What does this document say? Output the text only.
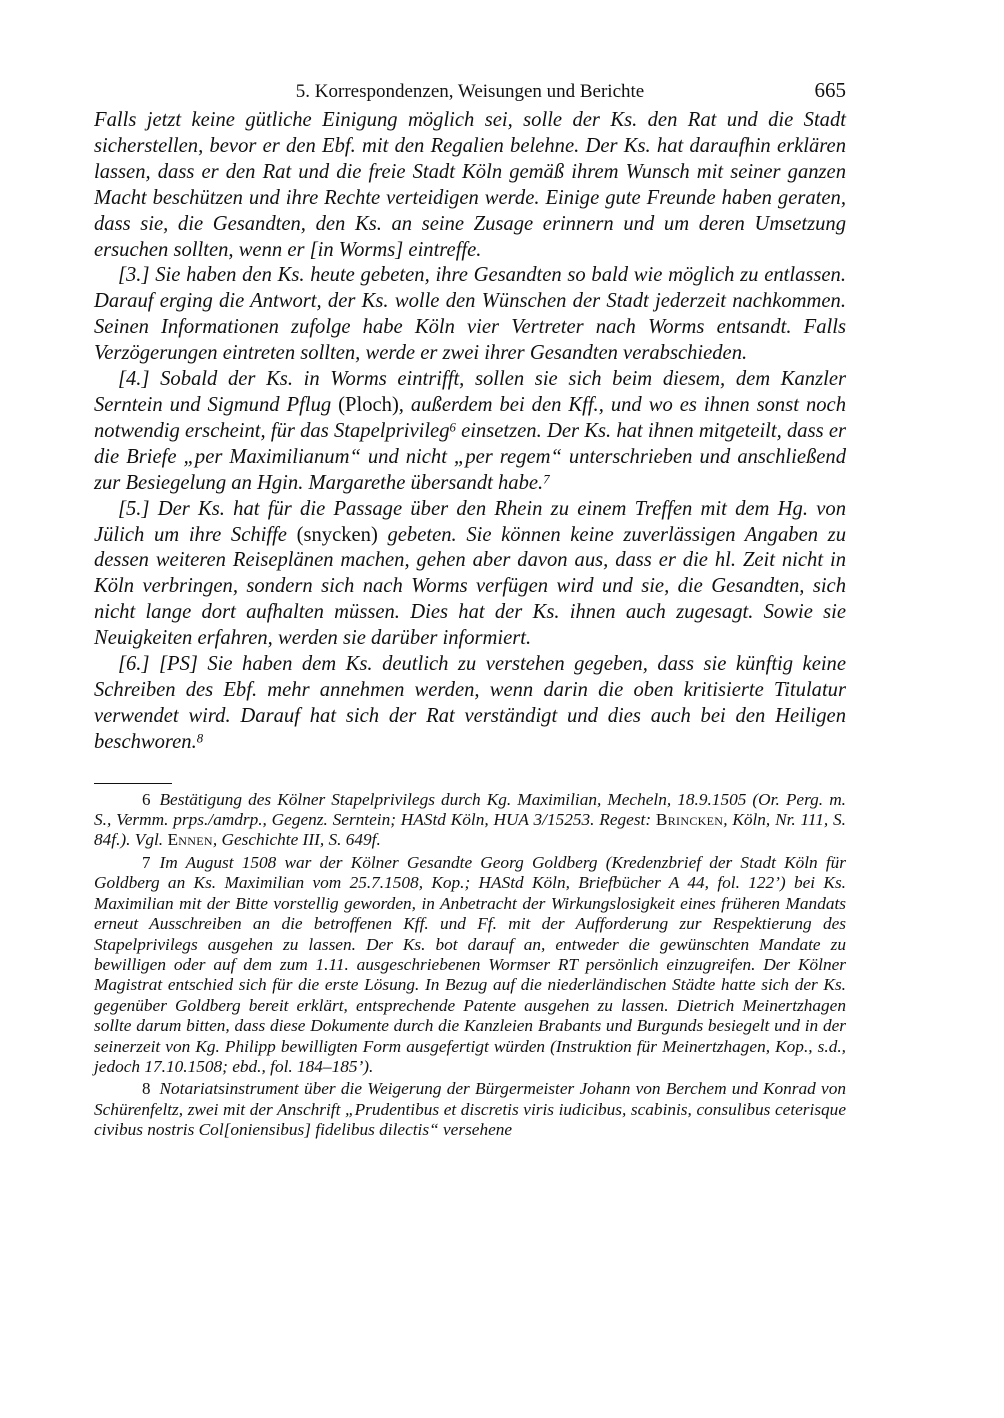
5. Korrespondenzen, Weisungen und Berichte	665

Falls jetzt keine gütliche Einigung möglich sei, solle der Ks. den Rat und die Stadt sicherstellen, bevor er den Ebf. mit den Regalien belehne. Der Ks. hat daraufhin erklären lassen, dass er den Rat und die freie Stadt Köln gemäß ihrem Wunsch mit seiner ganzen Macht beschützen und ihre Rechte verteidigen werde. Einige gute Freunde haben geraten, dass sie, die Gesandten, den Ks. an seine Zusage erinnern und um deren Umsetzung ersuchen sollten, wenn er [in Worms] eintreffe.

[3.] Sie haben den Ks. heute gebeten, ihre Gesandten so bald wie möglich zu entlassen. Darauf erging die Antwort, der Ks. wolle den Wünschen der Stadt jederzeit nachkommen. Seinen Informationen zufolge habe Köln vier Vertreter nach Worms entsandt. Falls Verzögerungen eintreten sollten, werde er zwei ihrer Gesandten verabschieden.

[4.] Sobald der Ks. in Worms eintrifft, sollen sie sich beim diesem, dem Kanzler Serntein und Sigmund Pflug (Ploch), außerdem bei den Kff., und wo es ihnen sonst noch notwendig erscheint, für das Stapelprivileg$^6$ einsetzen. Der Ks. hat ihnen mitgeteilt, dass er die Briefe „per Maximilianum“ und nicht „per regem“ unterschrieben und anschließend zur Besiegelung an Hgin. Margarethe übersandt habe.$^7$

[5.] Der Ks. hat für die Passage über den Rhein zu einem Treffen mit dem Hg. von Jülich um ihre Schiffe (snycken) gebeten. Sie können keine zuverlässigen Angaben zu dessen weiteren Reiseplänen machen, gehen aber davon aus, dass er die hl. Zeit nicht in Köln verbringen, sondern sich nach Worms verfügen wird und sie, die Gesandten, sich nicht lange dort aufhalten müssen. Dies hat der Ks. ihnen auch zugesagt. Sowie sie Neuigkeiten erfahren, werden sie darüber informiert.

[6.] [PS] Sie haben dem Ks. deutlich zu verstehen gegeben, dass sie künftig keine Schreiben des Ebf. mehr annehmen werden, wenn darin die oben kritisierte Titulatur verwendet wird. Darauf hat sich der Rat verständigt und dies auch bei den Heiligen beschworen.$^8$

6 Bestätigung des Kölner Stapelprivilegs durch Kg. Maximilian, Mecheln, 18.9.1505 (Or. Perg. m. S., Vermm. prps./amdrp., Gegenz. Serntein; HAStd Köln, HUA 3/15253. Regest: Brincken, Köln, Nr. 111, S. 84f.). Vgl. Ennen, Geschichte III, S. 649f.

7 Im August 1508 war der Kölner Gesandte Georg Goldberg (Kredenzbrief der Stadt Köln für Goldberg an Ks. Maximilian vom 25.7.1508, Kop.; HAStd Köln, Briefbücher A 44, fol. 122’) bei Ks. Maximilian mit der Bitte vorstellig geworden, in Anbetracht der Wirkungslosigkeit eines früheren Mandats erneut Ausschreiben an die betroffenen Kff. und Ff. mit der Aufforderung zur Respektierung des Stapelprivilegs ausgehen zu lassen. Der Ks. bot darauf an, entweder die gewünschten Mandate zu bewilligen oder auf dem zum 1.11. ausgeschriebenen Wormser RT persönlich einzugreifen. Der Kölner Magistrat entschied sich für die erste Lösung. In Bezug auf die niederländischen Städte hatte sich der Ks. gegenüber Goldberg bereit erklärt, entsprechende Patente ausgehen zu lassen. Dietrich Meinertzhagen sollte darum bitten, dass diese Dokumente durch die Kanzleien Brabants und Burgunds besiegelt und in der seinerzeit von Kg. Philipp bewilligten Form ausgefertigt würden (Instruktion für Meinertzhagen, Kop., s.d., jedoch 17.10.1508; ebd., fol. 184–185’).

8 Notariatsinstrument über die Weigerung der Bürgermeister Johann von Berchem und Konrad von Schürenfeltz, zwei mit der Anschrift „Prudentibus et discretis viris iudicibus, scabinis, consulibus ceterisque civibus nostris Col[oniensibus] fidelibus dilectis“ versehene
